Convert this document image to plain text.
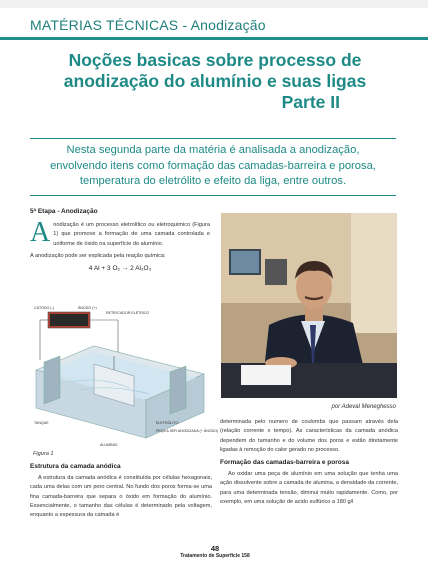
MATÉRIAS TÉCNICAS - Anodização
Noções basicas sobre processo de
anodização do alumínio e suas ligas
Parte II
Nesta segunda parte da matéria é analisada a anodização,
envolvendo itens como formação das camadas-barreira e porosa,
temperatura do eletrólito e efeito da liga, entre outros.
5ª Etapa - Anodização
A nodização é um processo eletrolítico ou eletroquímico (Figura 1) que promove a formação de uma camada controlada e uniforme de óxido na superfície do alumínio.
A anodização pode ser explicada pela reação química:
4 Al + 3 O₂ → 2 Al₂O₃
CÁTODO (-)	ÂNODO (+)
RETIFICADOR ELÉTRICO
TANQUE	ELETRÓLITO
PEÇA A SER ANODIZADA (+ ÂNODO)
ALUMÍNIO
Figura 1
Estrutura da camada anódica
A estrutura da camada anódica é constituída por células hexagonais, cada uma delas com um poro central. No fundo dos poros forma-se uma fina camada-barreira que separa o óxido em formação do alumínio. Essencialmente, o tamanho das células é determinado pela voltagem, enquanto a espessura da camada é
por Adeval Meneghesso
determinada pelo numero de coulombs que passam através dela (relação corrente x tempo). As características da camada anódica dependem do tamanho e do volume dos poros e estão diretamente ligadas à remoção do calor gerado no processo.
Formação das camadas-barreira e porosa
Ao oxidar uma peça de alumínio em uma solução que tenha uma ação dissolvente sobre a camada de alumina, a densidade da corrente, para uma determinada tensão, diminui muito rapidamente. Como, por exemplo, em uma solução de acido sulfúrico a 180 g/l
48
Tratamento de Superfície 158
